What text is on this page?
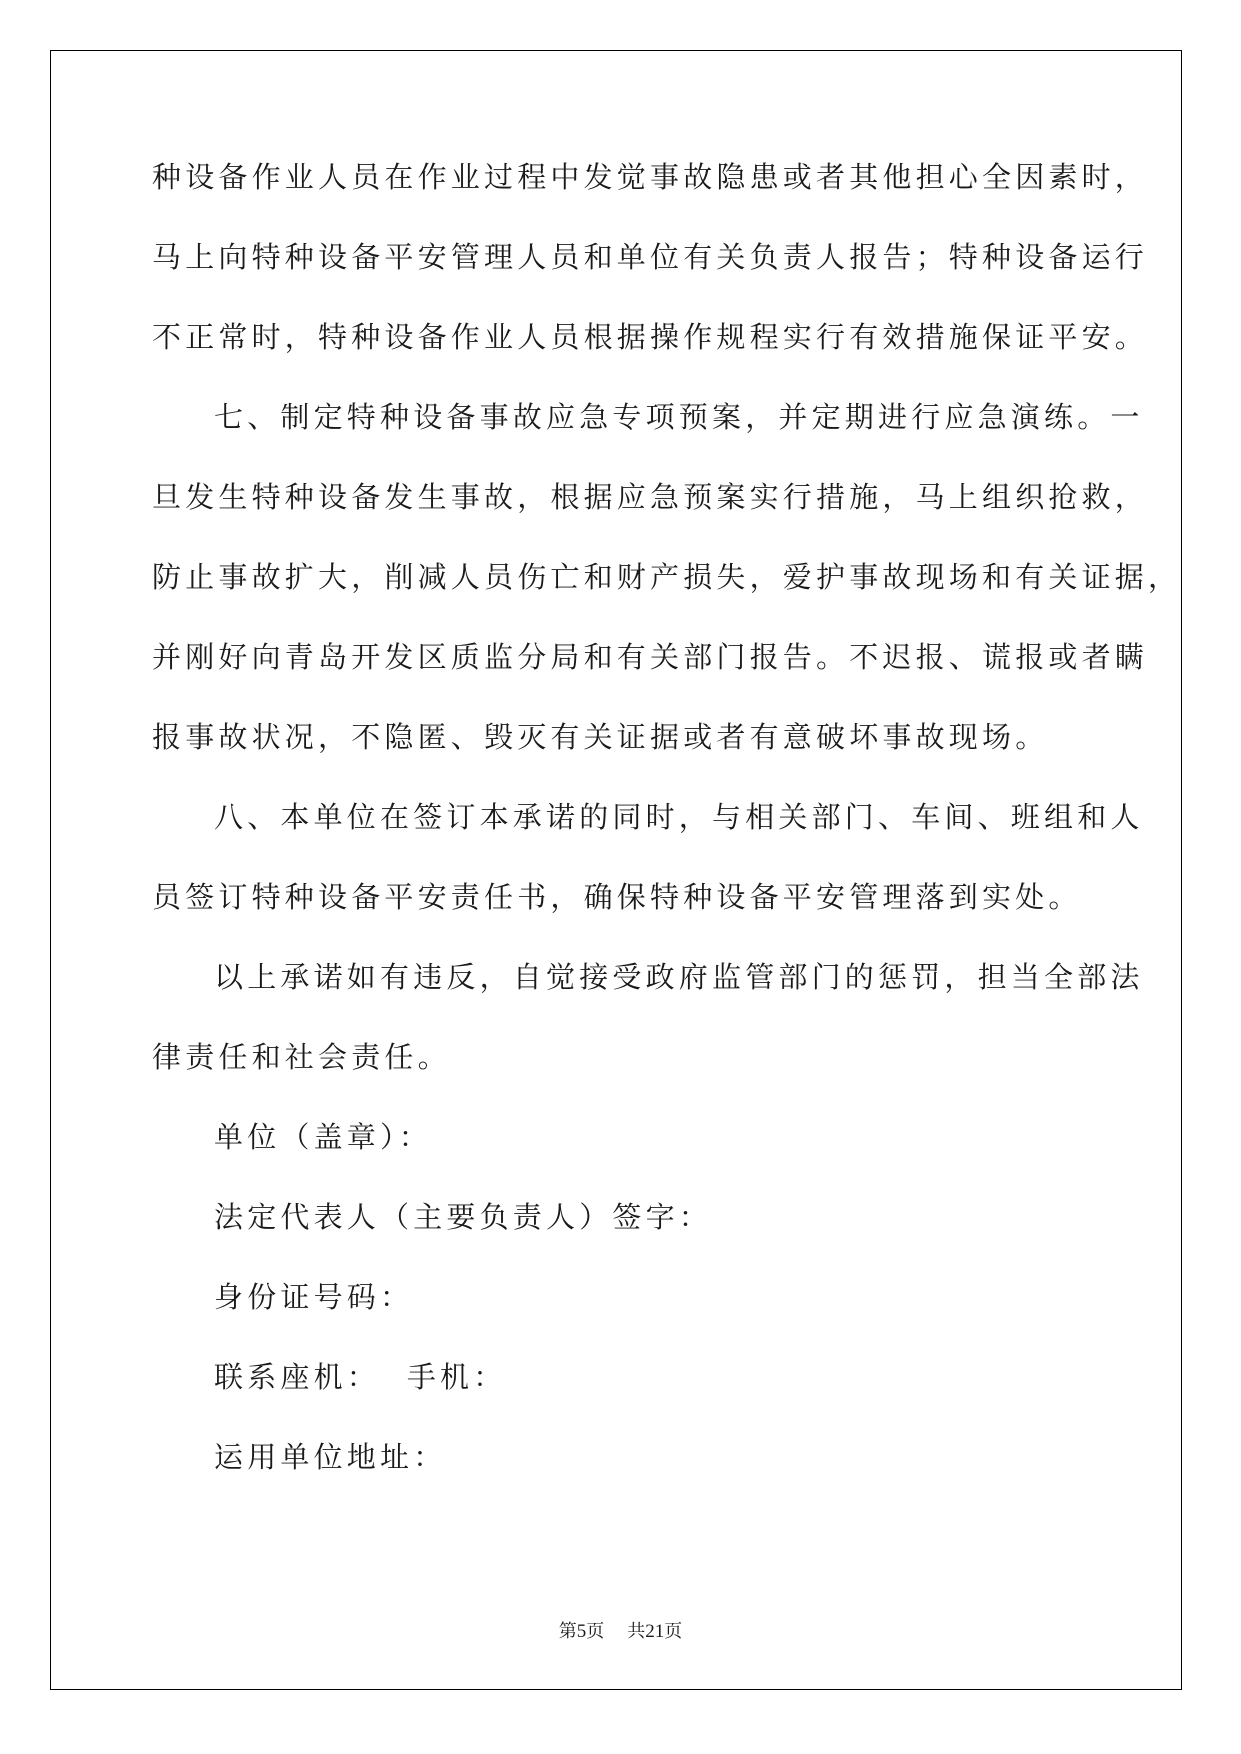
种设备作业人员在作业过程中发觉事故隐患或者其他担心全因素时，
马上向特种设备平安管理人员和单位有关负责人报告；特种设备运行
不正常时，特种设备作业人员根据操作规程实行有效措施保证平安。
七、制定特种设备事故应急专项预案，并定期进行应急演练。一
旦发生特种设备发生事故，根据应急预案实行措施，马上组织抢救，
防止事故扩大，削减人员伤亡和财产损失，爱护事故现场和有关证据，
并刚好向青岛开发区质监分局和有关部门报告。不迟报、谎报或者瞒
报事故状况，不隐匿、毁灭有关证据或者有意破坏事故现场。
八、本单位在签订本承诺的同时，与相关部门、车间、班组和人
员签订特种设备平安责任书，确保特种设备平安管理落到实处。
以上承诺如有违反，自觉接受政府监管部门的惩罚，担当全部法
律责任和社会责任。
单位（盖章）：
法定代表人（主要负责人）签字：
身份证号码：
联系座机：  手机：
运用单位地址：
第5页 共21页
